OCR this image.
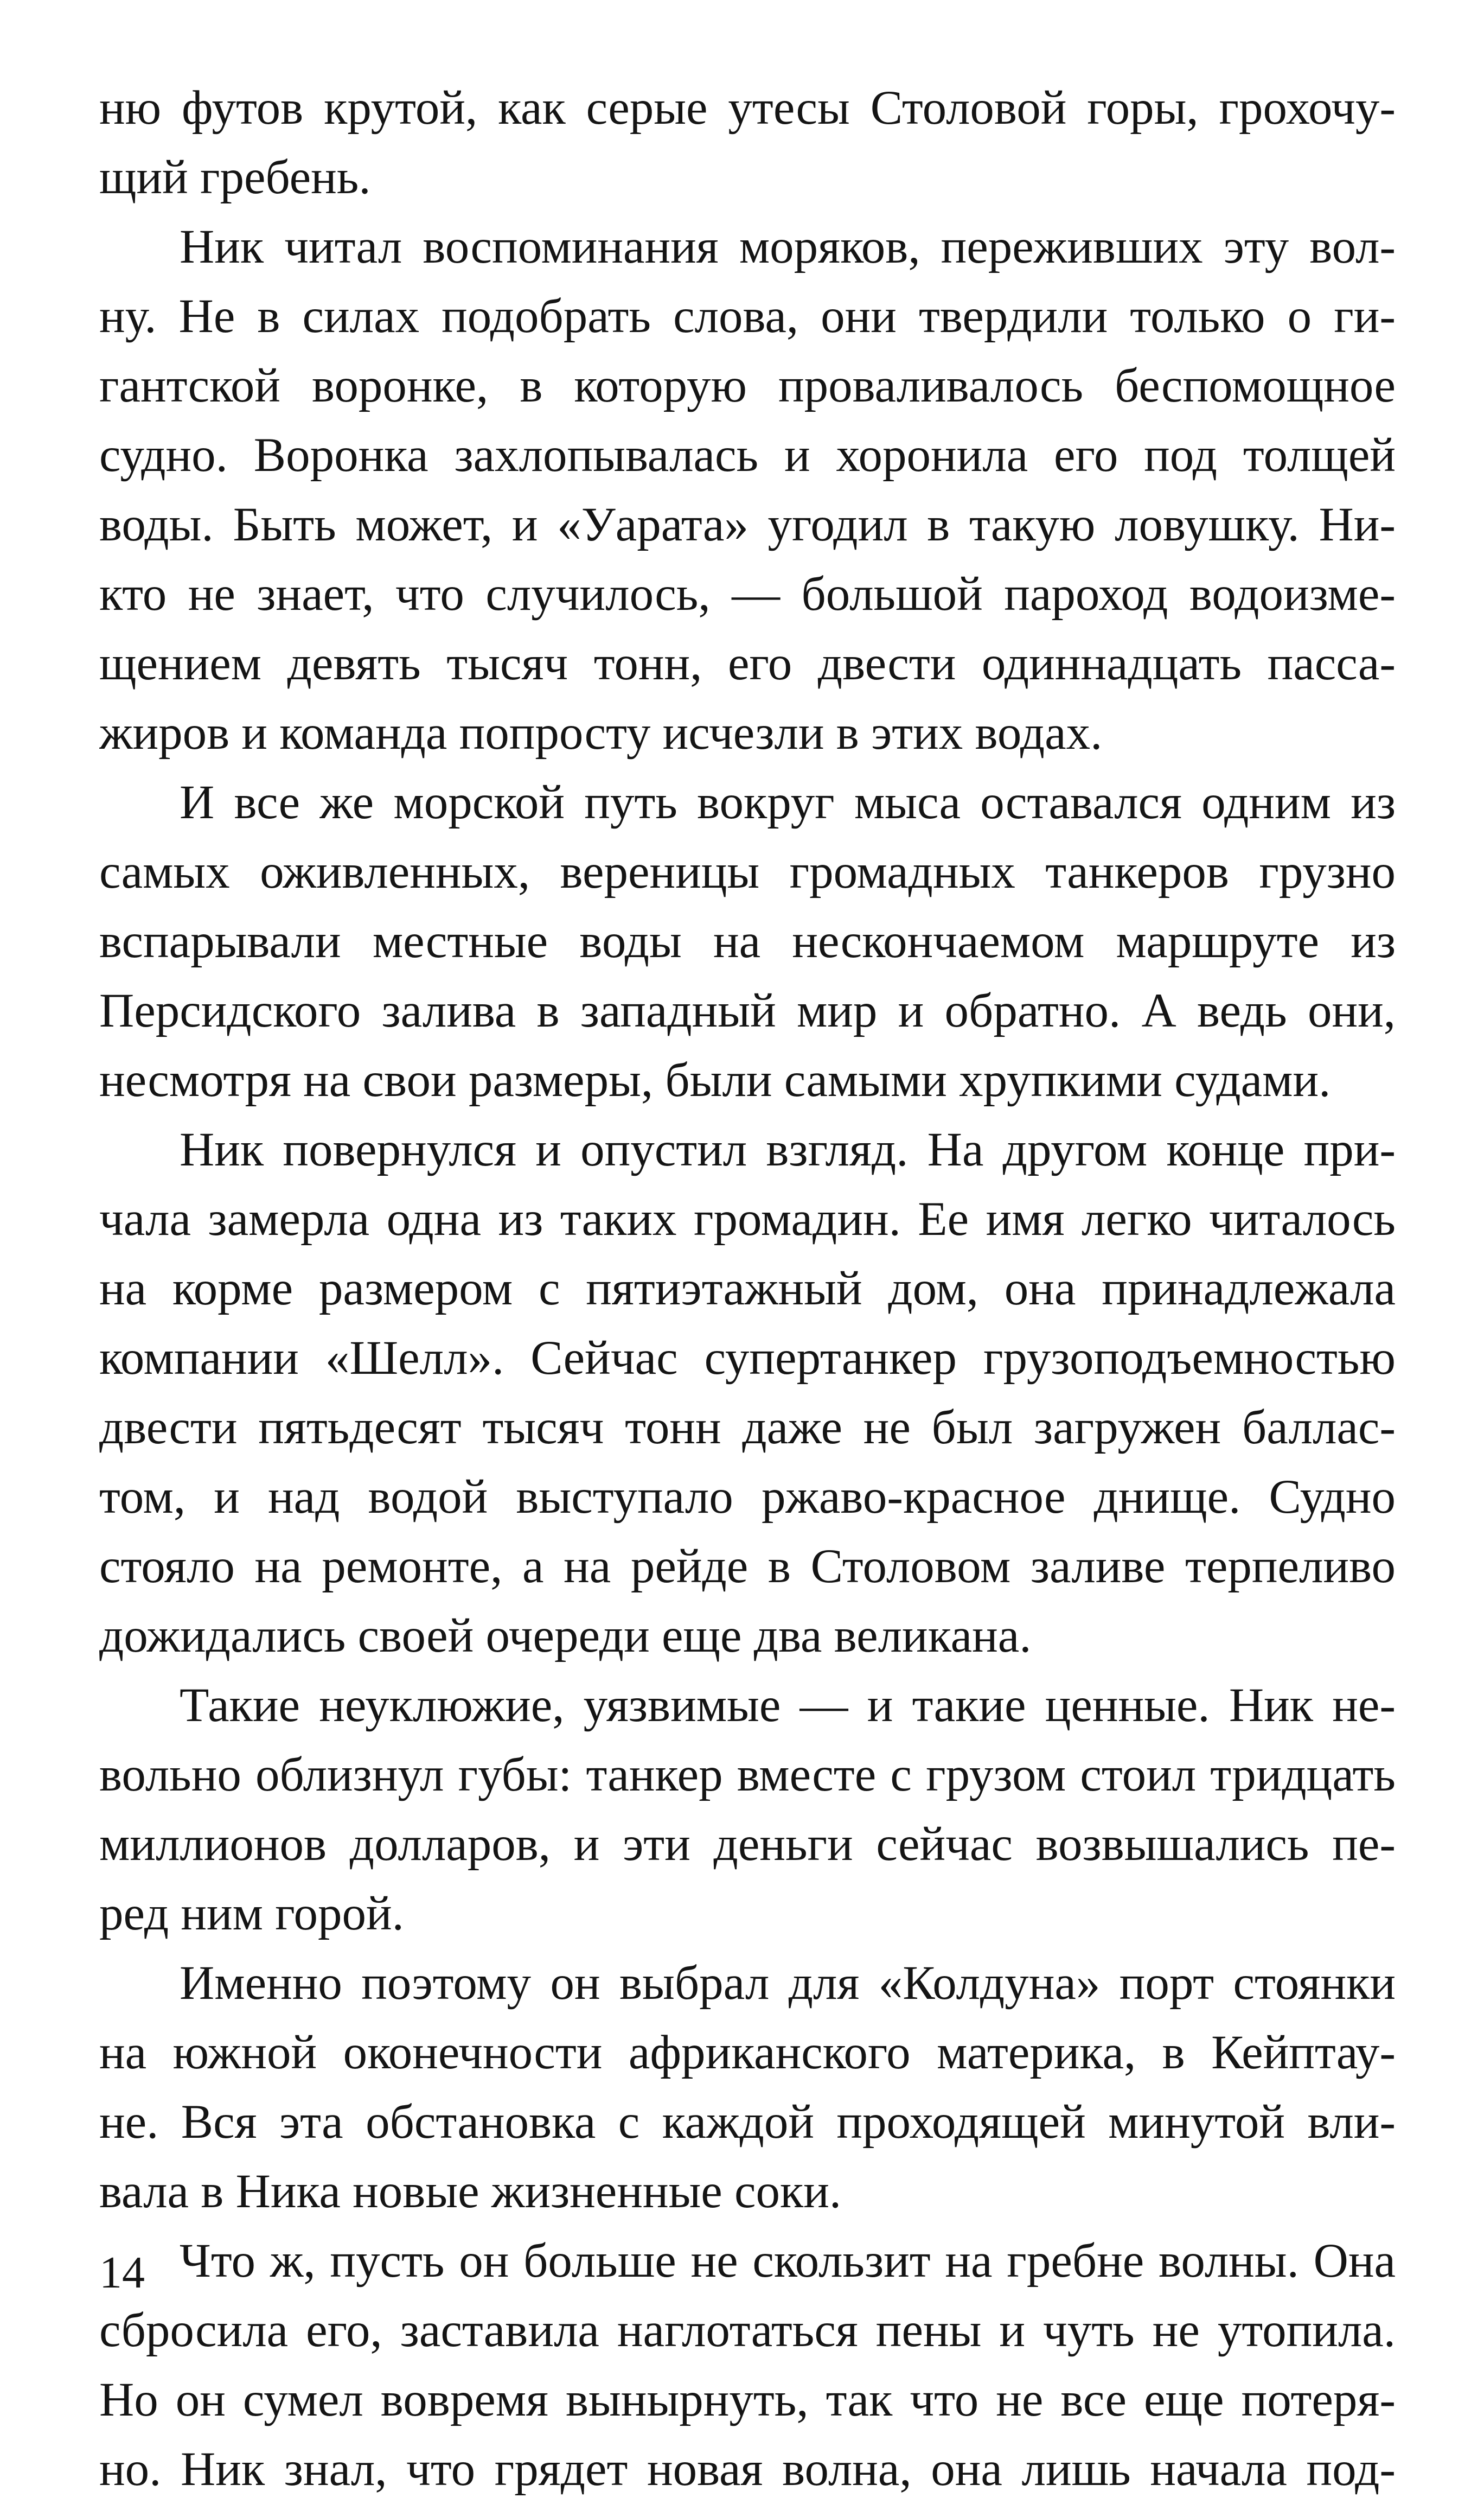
ню футов крутой, как серые утесы Столовой горы, грохочу-
щий гребень.
Ник читал воспоминания моряков, переживших эту вол-
ну. Не в силах подобрать слова, они твердили только о ги-
гантской воронке, в которую проваливалось беспомощное
судно. Воронка захлопывалась и хоронила его под толщей
воды. Быть может, и «Уарата» угодил в такую ловушку. Ни-
кто не знает, что случилось, — большой пароход водоизме-
щением девять тысяч тонн, его двести одиннадцать пасса-
жиров и команда попросту исчезли в этих водах.
И все же морской путь вокруг мыса оставался одним из
самых оживленных, вереницы громадных танкеров грузно
вспарывали местные воды на нескончаемом маршруте из
Персидского залива в западный мир и обратно. А ведь они,
несмотря на свои размеры, были самыми хрупкими судами.
Ник повернулся и опустил взгляд. На другом конце при-
чала замерла одна из таких громадин. Ее имя легко читалось
на корме размером с пятиэтажный дом, она принадлежала
компании «Шелл». Сейчас супертанкер грузоподъемностью
двести пятьдесят тысяч тонн даже не был загружен баллас-
том, и над водой выступало ржаво-красное днище. Судно
стояло на ремонте, а на рейде в Столовом заливе терпеливо
дожидались своей очереди еще два великана.
Такие неуклюжие, уязвимые — и такие ценные. Ник не-
вольно облизнул губы: танкер вместе с грузом стоил тридцать
миллионов долларов, и эти деньги сейчас возвышались пе-
ред ним горой.
Именно поэтому он выбрал для «Колдуна» порт стоянки
на южной оконечности африканского материка, в Кейптау-
не. Вся эта обстановка с каждой проходящей минутой вли-
вала в Ника новые жизненные соки.
Что ж, пусть он больше не скользит на гребне волны. Она
сбросила его, заставила наглотаться пены и чуть не утопила.
Но он сумел вовремя вынырнуть, так что не все еще потеря-
но. Ник знал, что грядет новая волна, она лишь начала под-
14
